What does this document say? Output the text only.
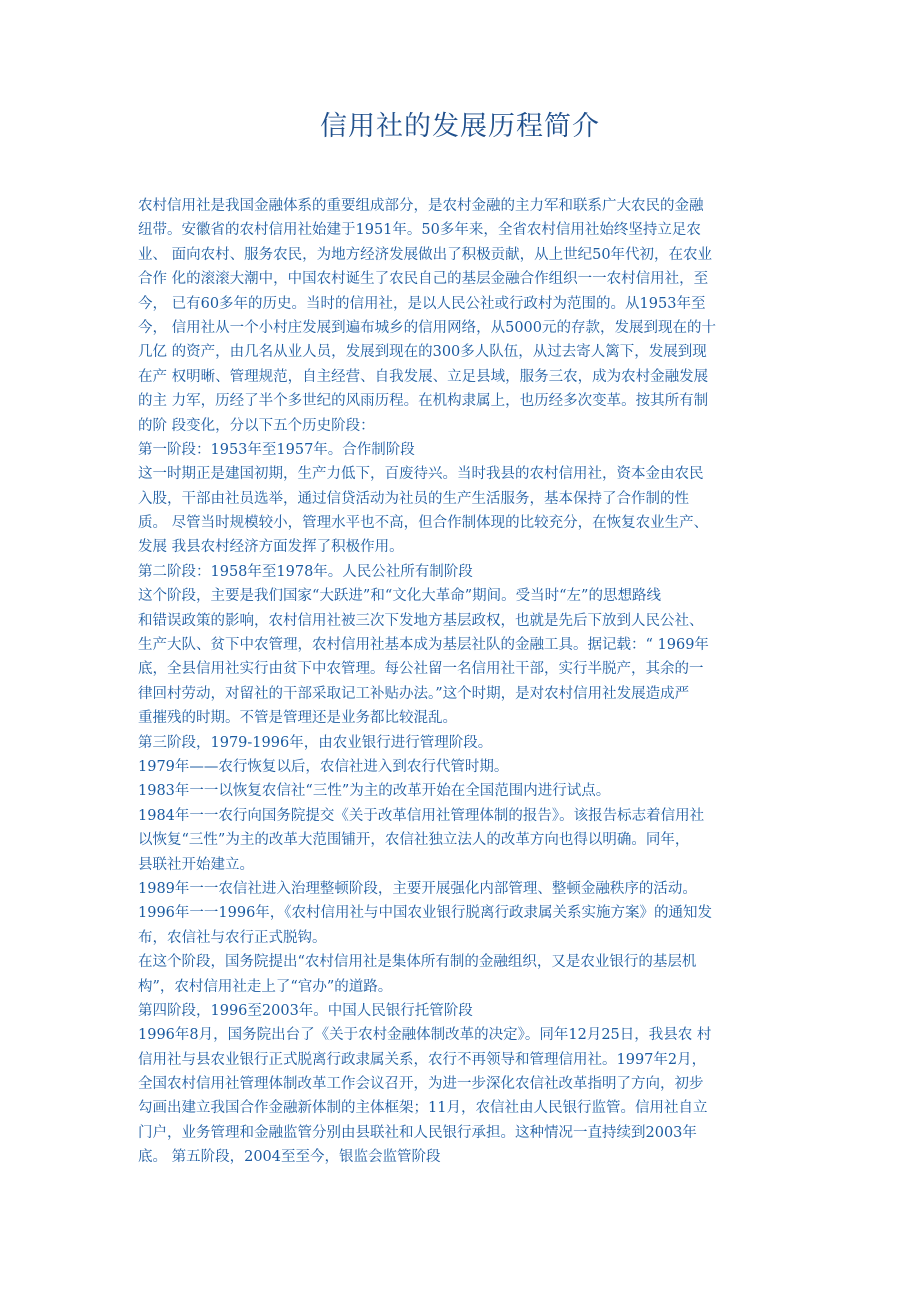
信用社的发展历程简介
农村信用社是我国金融体系的重要组成部分，是农村金融的主力军和联系广大农民的金融
纽带。安徽省的农村信用社始建于1951年。50多年来，全省农村信用社始终坚持立足农
业、 面向农村、服务农民，为地方经济发展做出了积极贡献，从上世纪50年代初，在农业
合作 化的滚滚大潮中，中国农村诞生了农民自己的基层金融合作组织一一农村信用社，至
今， 已有60多年的历史。当时的信用社，是以人民公社或行政村为范围的。从1953年至
今， 信用社从一个小村庄发展到遍布城乡的信用网络，从5000元的存款，发展到现在的十
几亿 的资产，由几名从业人员，发展到现在的300多人队伍，从过去寄人篱下，发展到现
在产 权明晰、管理规范，自主经营、自我发展、立足县域，服务三农，成为农村金融发展
的主 力军，历经了半个多世纪的风雨历程。在机构隶属上，也历经多次变革。按其所有制
的阶 段变化，分以下五个历史阶段：
第一阶段：1953年至1957年。合作制阶段
这一时期正是建国初期，生产力低下，百废待兴。当时我县的农村信用社，资本金由农民
入股，干部由社员选举，通过信贷活动为社员的生产生活服务，基本保持了合作制的性
质。 尽管当时规模较小，管理水平也不高，但合作制体现的比较充分，在恢复农业生产、
发展 我县农村经济方面发挥了积极作用。
第二阶段：1958年至1978年。人民公社所有制阶段
这个阶段，主要是我们国家“大跃进”和“文化大革命”期间。受当时“左”的思想路线
和错误政策的影响，农村信用社被三次下发地方基层政权，也就是先后下放到人民公社、
生产大队、贫下中农管理，农村信用社基本成为基层社队的金融工具。据记载：“ 1969年
底，全县信用社实行由贫下中农管理。每公社留一名信用社干部，实行半脱产，其余的一
律回村劳动，对留社的干部采取记工补贴办法。”这个时期，是对农村信用社发展造成严
重摧残的时期。不管是管理还是业务都比较混乱。
第三阶段，1979-1996年，由农业银行进行管理阶段。
1979年——农行恢复以后，农信社进入到农行代管时期。
1983年一一以恢复农信社“三性”为主的改革开始在全国范围内进行试点。
1984年一一农行向国务院提交《关于改革信用社管理体制的报告》。该报告标志着信用社
以恢复“三性”为主的改革大范围铺开，农信社独立法人的改革方向也得以明确。同年，
县联社开始建立。
1989年一一农信社进入治理整顿阶段，主要开展强化内部管理、整顿金融秩序的活动。
1996年一一1996年，《农村信用社与中国农业银行脱离行政隶属关系实施方案》的通知发
布，农信社与农行正式脱钩。
在这个阶段，国务院提出“农村信用社是集体所有制的金融组织，又是农业银行的基层机
构”，农村信用社走上了“官办”的道路。
第四阶段，1996至2003年。中国人民银行托管阶段
1996年8月，国务院出台了《关于农村金融体制改革的决定》。同年12月25日，我县农 村
信用社与县农业银行正式脱离行政隶属关系，农行不再领导和管理信用社。1997年2月，
全国农村信用社管理体制改革工作会议召开，为进一步深化农信社改革指明了方向，初步
勾画出建立我国合作金融新体制的主体框架；11月，农信社由人民银行监管。信用社自立
门户，业务管理和金融监管分别由县联社和人民银行承担。这种情况一直持续到2003年
底。 第五阶段，2004至至今，银监会监管阶段
